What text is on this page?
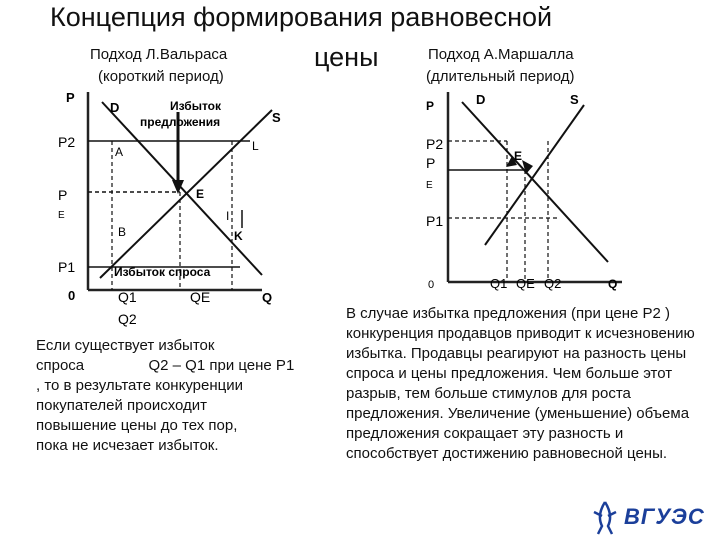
Концепция формирования равновесной
цены
Подход Л.Вальраса
(короткий период)
Подход А.Маршалла
(длительный период)
P
P2
P
E
P1
0	Q1	QE	Q
Q2
D
S
A	L
E
B	K
I
Избыток
предложения
Избыток спроса
P	D	S
P2
P
E
E
P1
0	Q1 QE Q2	Q
Если существует избыток
спроса	Q2 – Q1 при цене P1
, то в результате конкуренции
покупателей происходит
повышение цены до тех пор,
пока не исчезает избыток.
В случае избытка предложения (при цене P2 ) конкуренция продавцов приводит к исчезновению избытка. Продавцы реагируют на разность цены спроса и цены предложения. Чем больше этот разрыв, тем больше стимулов для роста предложения. Увеличение (уменьшение) объема предложения сокращает эту разность и способствует достижению равновесной цены.
ВГУЭС
